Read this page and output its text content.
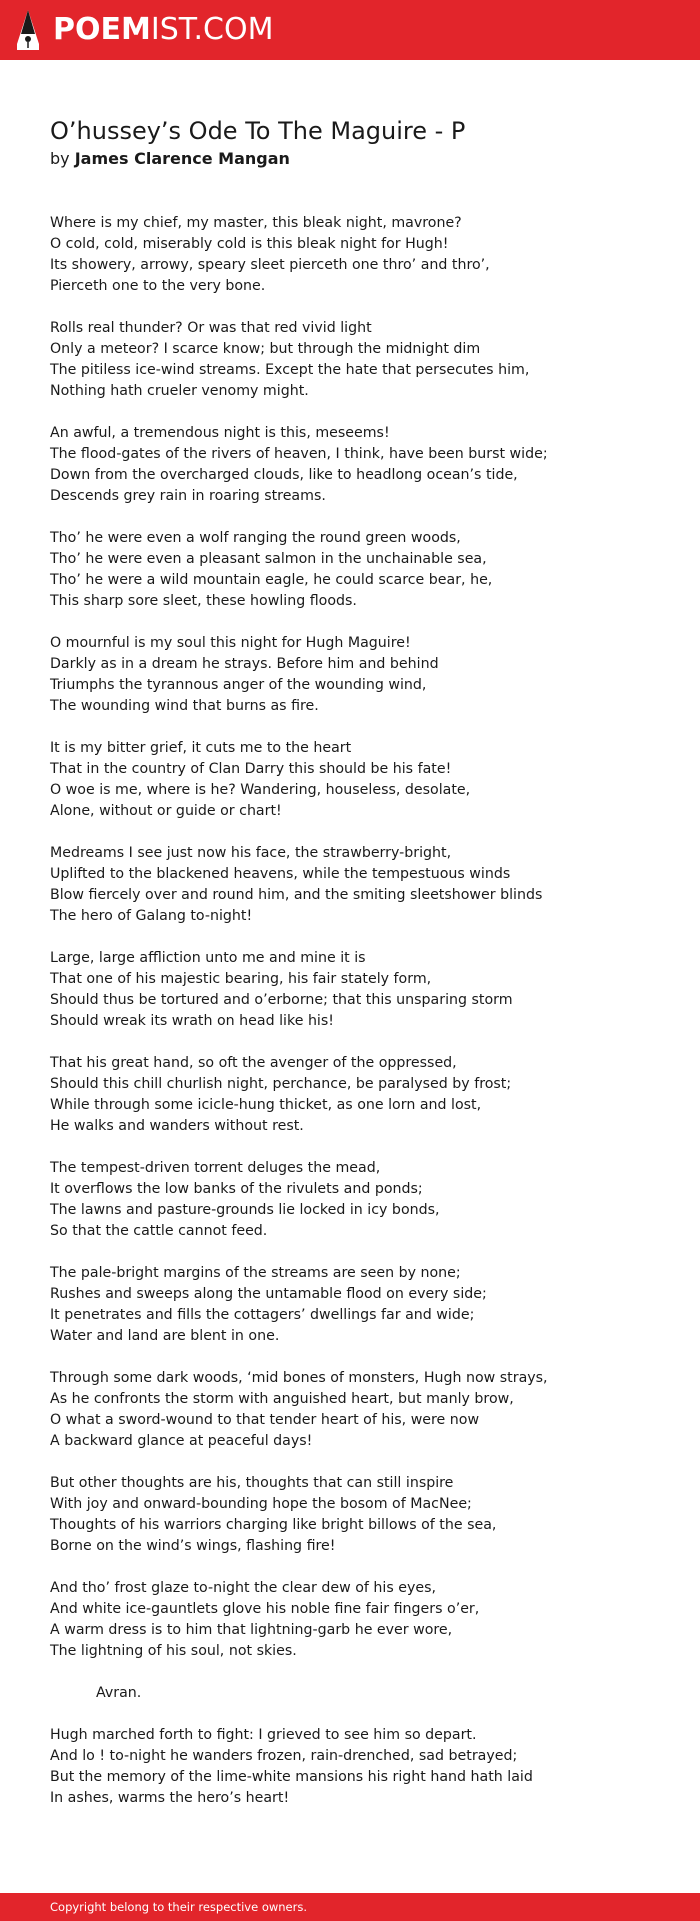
POEMIST.COM
O’hussey’s Ode To The Maguire - P
by James Clarence Mangan
Where is my chief, my master, this bleak night, mavrone?
O cold, cold, miserably cold is this bleak night for Hugh!
Its showery, arrowy, speary sleet pierceth one thro’ and thro’,
Pierceth one to the very bone.
Rolls real thunder? Or was that red vivid light
Only a meteor? I scarce know; but through the midnight dim
The pitiless ice-wind streams. Except the hate that persecutes him,
Nothing hath crueler venomy might.
An awful, a tremendous night is this, meseems!
The flood-gates of the rivers of heaven, I think, have been burst wide;
Down from the overcharged clouds, like to headlong ocean’s tide,
Descends grey rain in roaring streams.
Tho’ he were even a wolf ranging the round green woods,
Tho’ he were even a pleasant salmon in the unchainable sea,
Tho’ he were a wild mountain eagle, he could scarce bear, he,
This sharp sore sleet, these howling floods.
O mournful is my soul this night for Hugh Maguire!
Darkly as in a dream he strays. Before him and behind
Triumphs the tyrannous anger of the wounding wind,
The wounding wind that burns as fire.
It is my bitter grief, it cuts me to the heart
That in the country of Clan Darry this should be his fate!
O woe is me, where is he? Wandering, houseless, desolate,
Alone, without or guide or chart!
Medreams I see just now his face, the strawberry-bright,
Uplifted to the blackened heavens, while the tempestuous winds
Blow fiercely over and round him, and the smiting sleetshower blinds
The hero of Galang to-night!
Large, large affliction unto me and mine it is
That one of his majestic bearing, his fair stately form,
Should thus be tortured and o’erborne; that this unsparing storm
Should wreak its wrath on head like his!
That his great hand, so oft the avenger of the oppressed,
Should this chill churlish night, perchance, be paralysed by frost;
While through some icicle-hung thicket, as one lorn and lost,
He walks and wanders without rest.
The tempest-driven torrent deluges the mead,
It overflows the low banks of the rivulets and ponds;
The lawns and pasture-grounds lie locked in icy bonds,
So that the cattle cannot feed.
The pale-bright margins of the streams are seen by none;
Rushes and sweeps along the untamable flood on every side;
It penetrates and fills the cottagers’ dwellings far and wide;
Water and land are blent in one.
Through some dark woods, ‘mid bones of monsters, Hugh now strays,
As he confronts the storm with anguished heart, but manly brow,
O what a sword-wound to that tender heart of his, were now
A backward glance at peaceful days!
But other thoughts are his, thoughts that can still inspire
With joy and onward-bounding hope the bosom of MacNee;
Thoughts of his warriors charging like bright billows of the sea,
Borne on the wind’s wings, flashing fire!
And tho’ frost glaze to-night the clear dew of his eyes,
And white ice-gauntlets glove his noble fine fair fingers o’er,
A warm dress is to him that lightning-garb he ever wore,
The lightning of his soul, not skies.
Avran.
Hugh marched forth to fight: I grieved to see him so depart.
And lo ! to-night he wanders frozen, rain-drenched, sad betrayed;
But the memory of the lime-white mansions his right hand hath laid
In ashes, warms the hero’s heart!
Copyright belong to their respective owners.
